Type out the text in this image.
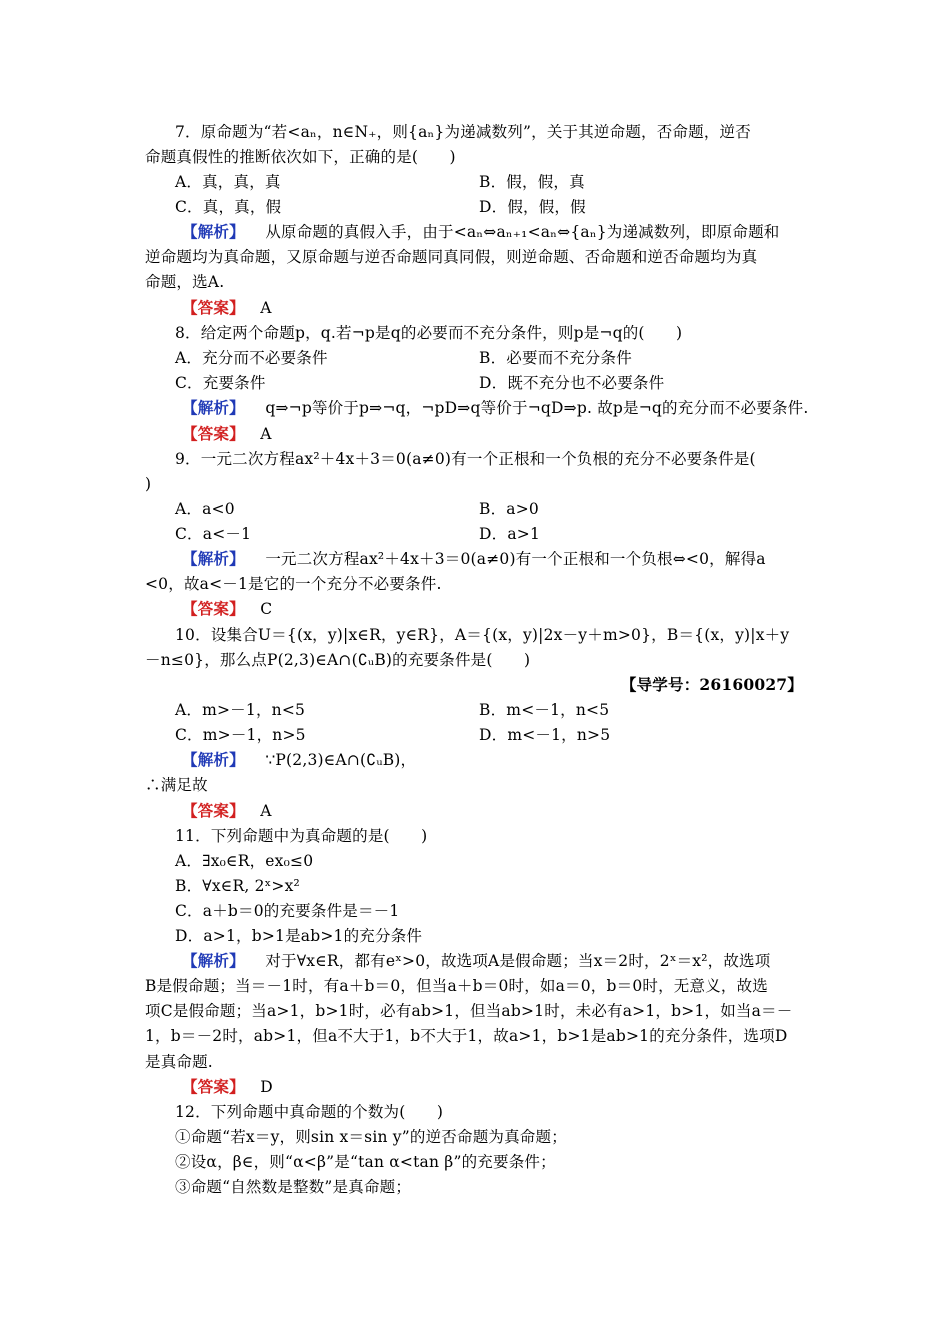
7．原命题为“若<aₙ，n∈N₊，则{aₙ}为递减数列”，关于其逆命题，否命题，逆否
命题真假性的推断依次如下，正确的是(　　)
A．真，真，真	B．假，假，真
C．真，真，假	D．假，假，假
【解析】 从原命题的真假入手，由于<aₙ⇔aₙ₊₁<aₙ⇔{aₙ}为递减数列，即原命题和
逆命题均为真命题，又原命题与逆否命题同真同假，则逆命题、否命题和逆否命题均为真
命题，选A.
【答案】 A
8．给定两个命题p，q.若¬p是q的必要而不充分条件，则p是¬q的(　　)
A．充分而不必要条件	B．必要而不充分条件
C．充要条件	D．既不充分也不必要条件
【解析】 q⇒¬p等价于p⇒¬q，¬pD⇒q等价于¬qD⇒p. 故p是¬q的充分而不必要条件.
【答案】 A
9．一元二次方程ax²＋4x＋3＝0(a≠0)有一个正根和一个负根的充分不必要条件是(
)
A．a<0	B．a>0
C．a<－1	D．a>1
【解析】 一元二次方程ax²＋4x＋3＝0(a≠0)有一个正根和一个负根⇔<0，解得a
<0，故a<－1是它的一个充分不必要条件.
【答案】 C
10．设集合U＝{(x，y)|x∈R，y∈R}，A＝{(x，y)|2x－y＋m>0}，B＝{(x，y)|x＋y
－n≤0}，那么点P(2,3)∈A∩(∁ᵤB)的充要条件是(　　)
【导学号：26160027】
A．m>－1，n<5	B．m<－1，n<5
C．m>－1，n>5	D．m<－1，n>5
【解析】 ∵P(2,3)∈A∩(∁ᵤB)，
∴满足故
【答案】 A
11．下列命题中为真命题的是(　　)
A．∃x₀∈R，ex₀≤0
B．∀x∈R, 2ˣ>x²
C．a＋b＝0的充要条件是＝－1
D．a>1，b>1是ab>1的充分条件
【解析】 对于∀x∈R，都有eˣ>0，故选项A是假命题；当x＝2时，2ˣ＝x²，故选项
B是假命题；当＝－1时，有a＋b＝0，但当a＋b＝0时，如a＝0，b＝0时，无意义，故选
项C是假命题；当a>1，b>1时，必有ab>1，但当ab>1时，未必有a>1，b>1，如当a＝－
1，b＝－2时，ab>1，但a不大于1，b不大于1，故a>1，b>1是ab>1的充分条件，选项D
是真命题.
【答案】 D
12．下列命题中真命题的个数为(　　)
①命题“若x＝y，则sin x＝sin y”的逆否命题为真命题；
②设α，β∈，则“α<β”是“tan α<tan β”的充要条件；
③命题“自然数是整数”是真命题；
